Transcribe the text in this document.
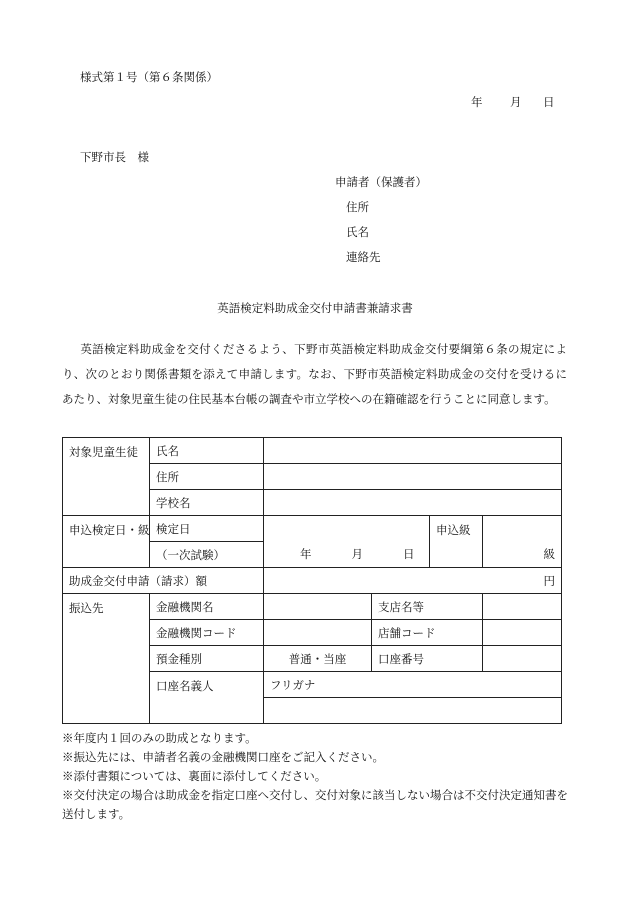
様式第１号（第６条関係）
年 月 日
下野市長　様
申請者（保護者）
住所
氏名
連絡先
英語検定料助成金交付申請書兼請求書
英語検定料助成金を交付くださるよう、下野市英語検定料助成金交付要綱第６条の規定により、次のとおり関係書類を添えて申請します。なお、下野市英語検定料助成金の交付を受けるにあたり、対象児童生徒の住民基本台帳の調査や市立学校への在籍確認を行うことに同意します。
対象児童生徒	氏名				
	住所				
	学校名				
申込検定日・級	検定日	年 月 日		申込級	級
	（一次試験）				
助成金交付申請（請求）額		円			
振込先	金融機関名		支店名等		
	金融機関コード		店舗コード		
	預金種別	普通・当座	口座番号		
	口座名義人	フリガナ			

※年度内１回のみの助成となります。
※振込先には、申請者名義の金融機関口座をご記入ください。
※添付書類については、裏面に添付してください。
※交付決定の場合は助成金を指定口座へ交付し、交付対象に該当しない場合は不交付決定通知書を送付します。
